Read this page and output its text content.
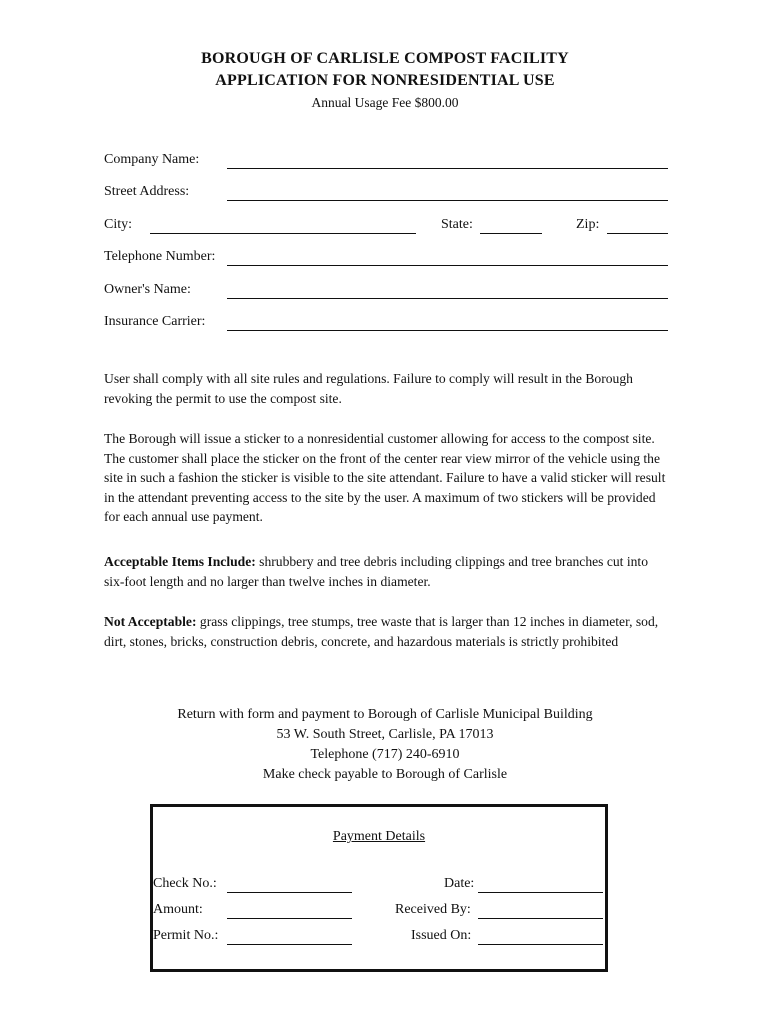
BOROUGH OF CARLISLE COMPOST FACILITY
APPLICATION FOR NONRESIDENTIAL USE
Annual Usage Fee $800.00
Company Name:
Street Address:
City:	State:	Zip:
Telephone Number:
Owner's Name:
Insurance Carrier:
User shall comply with all site rules and regulations. Failure to comply will result in the Borough revoking the permit to use the compost site.
The Borough will issue a sticker to a nonresidential customer allowing for access to the compost site. The customer shall place the sticker on the front of the center rear view mirror of the vehicle using the site in such a fashion the sticker is visible to the site attendant. Failure to have a valid sticker will result in the attendant preventing access to the site by the user. A maximum of two stickers will be provided for each annual use payment.
Acceptable Items Include: shrubbery and tree debris including clippings and tree branches cut into six-foot length and no larger than twelve inches in diameter.
Not Acceptable: grass clippings, tree stumps, tree waste that is larger than 12 inches in diameter, sod, dirt, stones, bricks, construction debris, concrete, and hazardous materials is strictly prohibited
Return with form and payment to Borough of Carlisle Municipal Building
53 W. South Street, Carlisle, PA 17013
Telephone (717) 240-6910
Make check payable to Borough of Carlisle
Payment Details
Check No.:	Date:
Amount:	Received By:
Permit No.:	Issued On:
